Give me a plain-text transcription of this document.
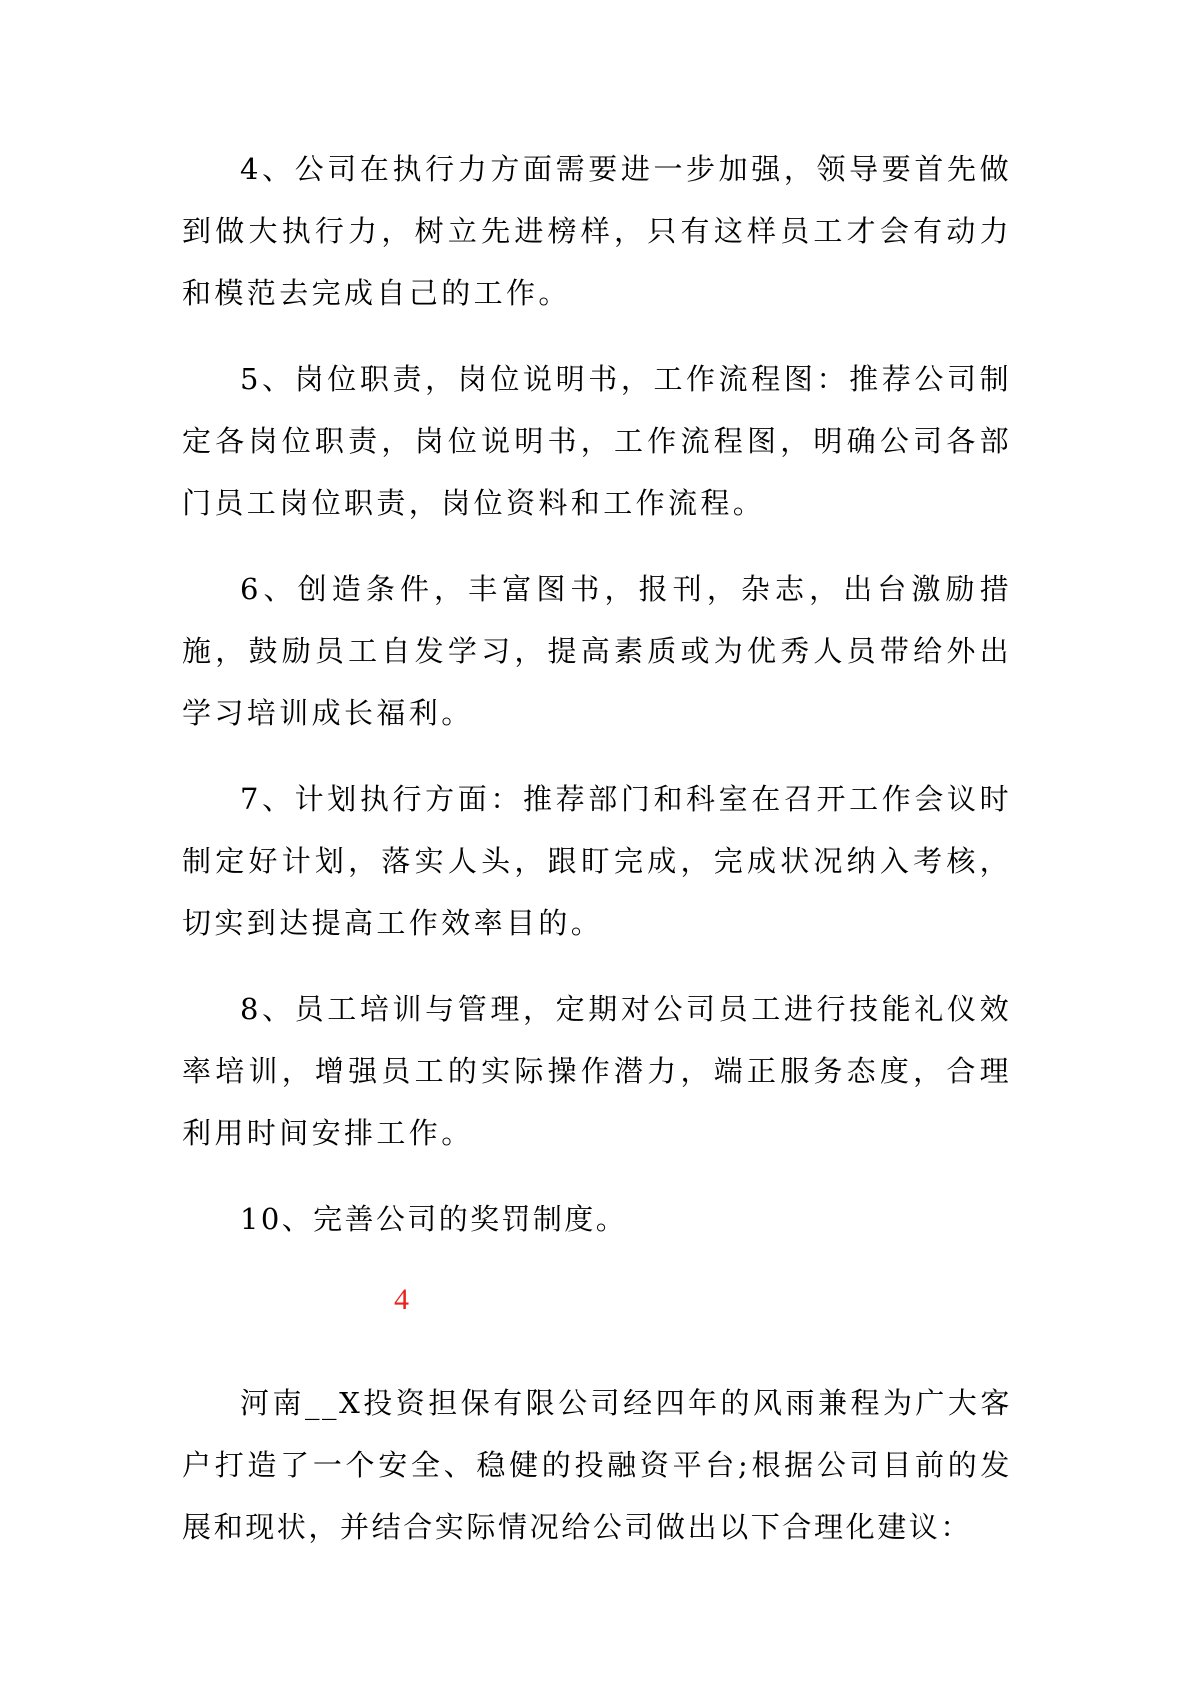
4、公司在执行力方面需要进一步加强，领导要首先做到做大执行力，树立先进榜样，只有这样员工才会有动力和模范去完成自己的工作。

5、岗位职责，岗位说明书，工作流程图：推荐公司制定各岗位职责，岗位说明书，工作流程图，明确公司各部门员工岗位职责，岗位资料和工作流程。

6、创造条件，丰富图书，报刊，杂志，出台激励措施，鼓励员工自发学习，提高素质或为优秀人员带给外出学习培训成长福利。

7、计划执行方面：推荐部门和科室在召开工作会议时制定好计划，落实人头，跟盯完成，完成状况纳入考核，切实到达提高工作效率目的。

8、员工培训与管理，定期对公司员工进行技能礼仪效率培训，增强员工的实际操作潜力，端正服务态度，合理利用时间安排工作。

10、完善公司的奖罚制度。

4

河南__X投资担保有限公司经四年的风雨兼程为广大客户打造了一个安全、稳健的投融资平台;根据公司目前的发展和现状，并结合实际情况给公司做出以下合理化建议：
